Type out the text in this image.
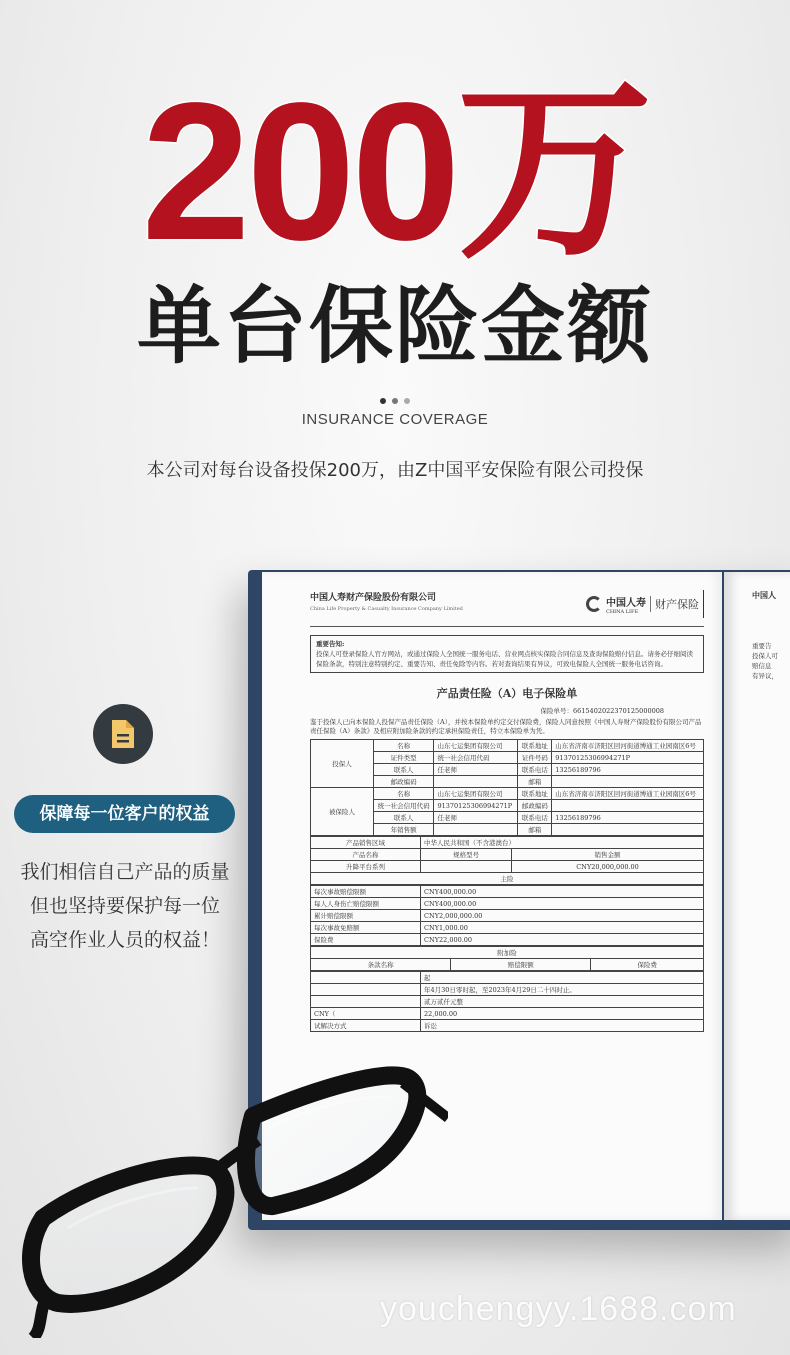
200万
单台保险金额
INSURANCE COVERAGE
本公司对每台设备投保200万，由Z中国平安保险有限公司投保
中国人寿财产保险股份有限公司
China Life Property & Casualty Insurance Company Limited
中国人寿
CHINA LIFE
财产保险
重要告知:
投保人可登录保险人官方网站，或通过保险人全国统一服务电话、营业网点核实保险合同信息及查询保险赔付信息。请务必仔细阅读保险条款，特别注意特别约定、重要告知、责任免除等内容。若对查询结果有异议，可致电保险人全国统一服务电话咨询。
产品责任险（A）电子保险单
保险单号：6615402022370125000008
鉴于投保人已向本保险人投保产品责任保险（A），并按本保险单约定交付保险费，保险人同意按照《中国人寿财产保险股份有限公司产品责任保险（A）条款》及相应附加险条款的约定承担保险责任，特立本保险单为凭。
投保人	名称	山东七运集团有限公司	联系地址	山东省济南市济阳区回河街道博通工业园南区6号
	证件类型	统一社会信用代码	证件号码	91370125306994271P
	联系人	任老师	联系电话	13256189796
	邮政编码		邮箱	
被保险人	名称	山东七运集团有限公司	联系地址	山东省济南市济阳区回河街道博通工业园南区6号
	统一社会信用代码	91370125306994271P	邮政编码	
	联系人	任老师	联系电话	13256189796
	年销售额		邮箱	
产品销售区域	中华人民共和国（不含港澳台）	
产品名称	规格型号	销售金额
升降平台系列		CNY20,000,000.00
主险		
每次事故赔偿限额	CNY400,000.00
每人人身伤亡赔偿限额	CNY400,000.00
累计赔偿限额	CNY2,000,000.00
每次事故免赔额	CNY1,000.00
保险费	CNY22,000.00
附加险
条款名称	赔偿限额	保险费
	起
	年4月30日零时起，至2023年4月29日二十四时止。
	贰万贰仟元整
CNY（	22,000.00
试解决方式	诉讼
中国人
重要告
投保人可
赔信息
有异议，
保障每一位客户的权益
我们相信自己产品的质量
但也坚持要保护每一位
高空作业人员的权益！
youchengyy.1688.com
